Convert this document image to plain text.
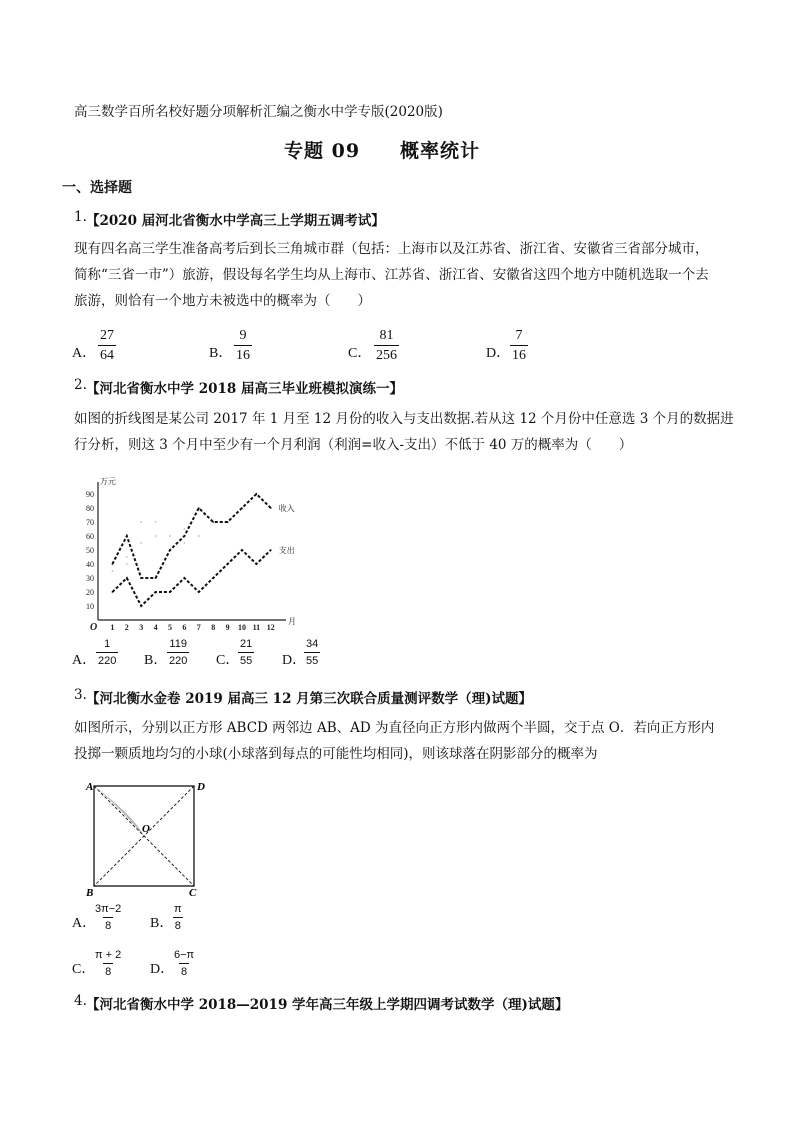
高三数学百所名校好题分项解析汇编之衡水中学专版(2020版)
专题 09　　概率统计
一、选择题
1. 【2020 届河北省衡水中学高三上学期五调考试】
现有四名高三学生准备高考后到长三角城市群（包括：上海市以及江苏省、浙江省、安徽省三省部分城市，
简称“三省一市”）旅游，假设每名学生均从上海市、江苏省、浙江省、安徽省这四个地方中随机选取一个去
旅游，则恰有一个地方未被选中的概率为（　　）
A． $\frac{27}{64}$	B． $\frac{9}{16}$	C． $\frac{81}{256}$	D． $\frac{7}{16}$
2. 【河北省衡水中学 2018 届高三毕业班模拟演练一】
如图的折线图是某公司 2017 年 1 月至 12 月份的收入与支出数据.若从这 12 个月份中任意选 3 个月的数据进
行分析，则这 3 个月中至少有一个月利润（利润=收入-支出）不低于 40 万的概率为（　　）
10
20
30
40
50
60
70
80
90
1 2 3 4 5 6 7 8 9 10 11 12
O
万元
月
收入
支出
A． $\frac{1}{220}$ B． $\frac{119}{220}$ C．
$\frac{21}{55}$ D．
$\frac{34}{55}$
3. 【河北衡水金卷 2019 届高三 12 月第三次联合质量测评数学（理)试题】
如图所示，分别以正方形 ABCD 两邻边 AB、AD 为直径向正方形内做两个半圆，交于点 O．若向正方形内
投掷一颗质地均匀的小球(小球落到每点的可能性均相同)，则该球落在阴影部分的概率为
A	D
B	C
O
A．
$\frac{3\pi-2}{8}$ B．
$\frac{\pi}{8}$
C．
$\frac{\pi + 2}{8}$ D．
$\frac{6-\pi}{8}$
4. 【河北省衡水中学 2018—2019 学年高三年级上学期四调考试数学（理)试题】
